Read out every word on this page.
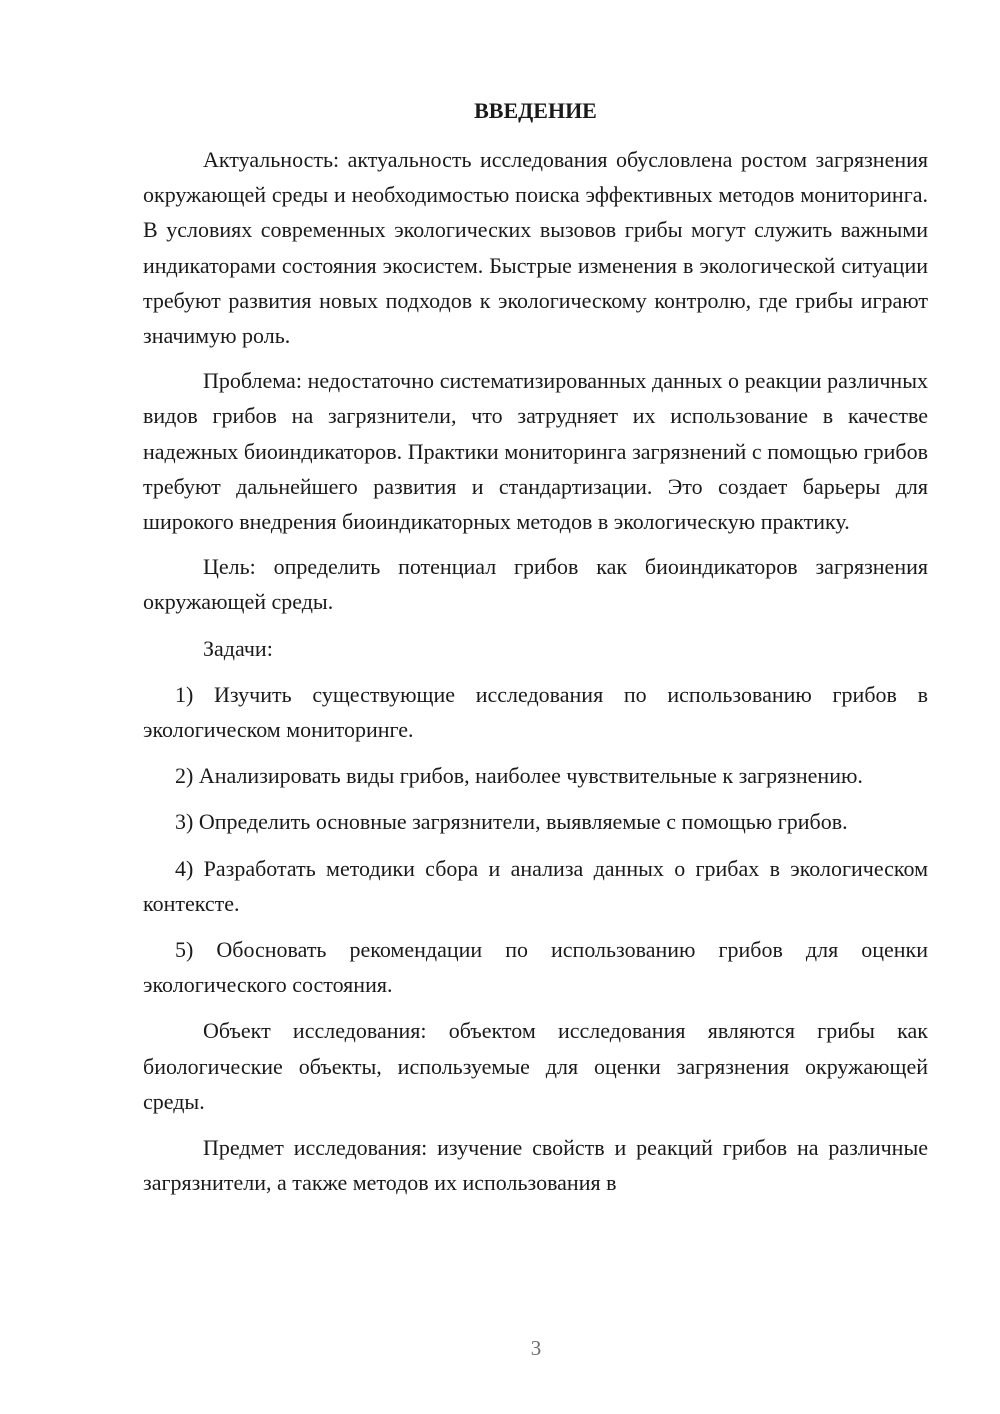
ВВЕДЕНИЕ

Актуальность: актуальность исследования обусловлена ростом загрязнения окружающей среды и необходимостью поиска эффективных методов мониторинга. В условиях современных экологических вызовов грибы могут служить важными индикаторами состояния экосистем. Быстрые изменения в экологической ситуации требуют развития новых подходов к экологическому контролю, где грибы играют значимую роль.

Проблема: недостаточно систематизированных данных о реакции различных видов грибов на загрязнители, что затрудняет их использование в качестве надежных биоиндикаторов. Практики мониторинга загрязнений с помощью грибов требуют дальнейшего развития и стандартизации. Это создает барьеры для широкого внедрения биоиндикаторных методов в экологическую практику.

Цель: определить потенциал грибов как биоиндикаторов загрязнения окружающей среды.

Задачи:

1) Изучить существующие исследования по использованию грибов в экологическом мониторинге.

2) Анализировать виды грибов, наиболее чувствительные к загрязнению.

3) Определить основные загрязнители, выявляемые с помощью грибов.

4) Разработать методики сбора и анализа данных о грибах в экологическом контексте.

5) Обосновать рекомендации по использованию грибов для оценки экологического состояния.

Объект исследования: объектом исследования являются грибы как биологические объекты, используемые для оценки загрязнения окружающей среды.

Предмет исследования: изучение свойств и реакций грибов на различные загрязнители, а также методов их использования в

3
